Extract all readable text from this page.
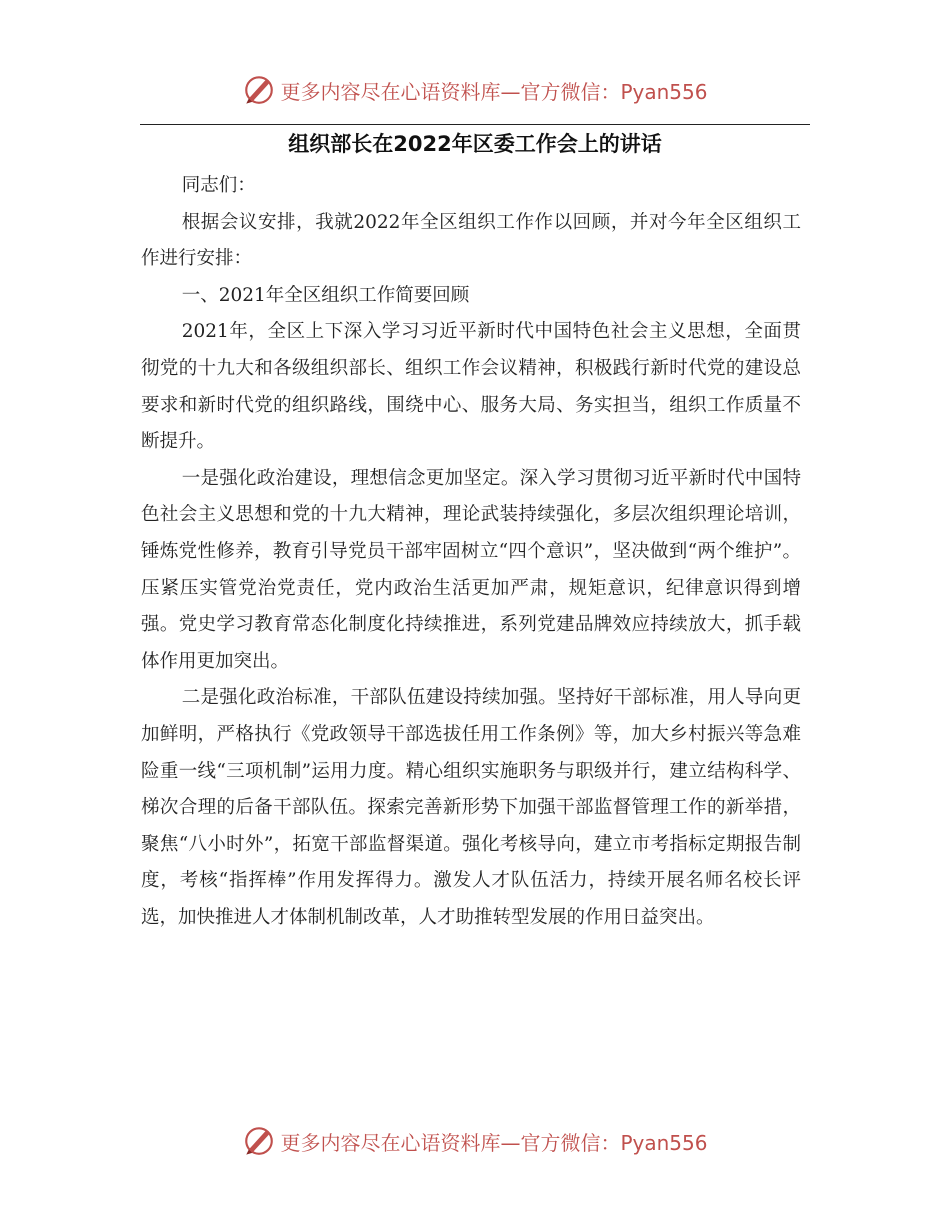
更多内容尽在心语资料库—官方微信：Pyan556
组织部长在2022年区委工作会上的讲话

同志们：

根据会议安排，我就2022年全区组织工作作以回顾，并对今年全区组织工作进行安排：

一、2021年全区组织工作简要回顾

2021年，全区上下深入学习习近平新时代中国特色社会主义思想，全面贯彻党的十九大和各级组织部长、组织工作会议精神，积极践行新时代党的建设总要求和新时代党的组织路线，围绕中心、服务大局、务实担当，组织工作质量不断提升。

一是强化政治建设，理想信念更加坚定。深入学习贯彻习近平新时代中国特色社会主义思想和党的十九大精神，理论武装持续强化，多层次组织理论培训，锤炼党性修养，教育引导党员干部牢固树立“四个意识”，坚决做到“两个维护”。压紧压实管党治党责任，党内政治生活更加严肃，规矩意识，纪律意识得到增强。党史学习教育常态化制度化持续推进，系列党建品牌效应持续放大，抓手载体作用更加突出。

二是强化政治标准，干部队伍建设持续加强。坚持好干部标准，用人导向更加鲜明，严格执行《党政领导干部选拔任用工作条例》等，加大乡村振兴等急难险重一线“三项机制”运用力度。精心组织实施职务与职级并行，建立结构科学、梯次合理的后备干部队伍。探索完善新形势下加强干部监督管理工作的新举措，聚焦“八小时外”，拓宽干部监督渠道。强化考核导向，建立市考指标定期报告制度，考核“指挥棒”作用发挥得力。激发人才队伍活力，持续开展名师名校长评选，加快推进人才体制机制改革，人才助推转型发展的作用日益突出。

更多内容尽在心语资料库—官方微信：Pyan556
